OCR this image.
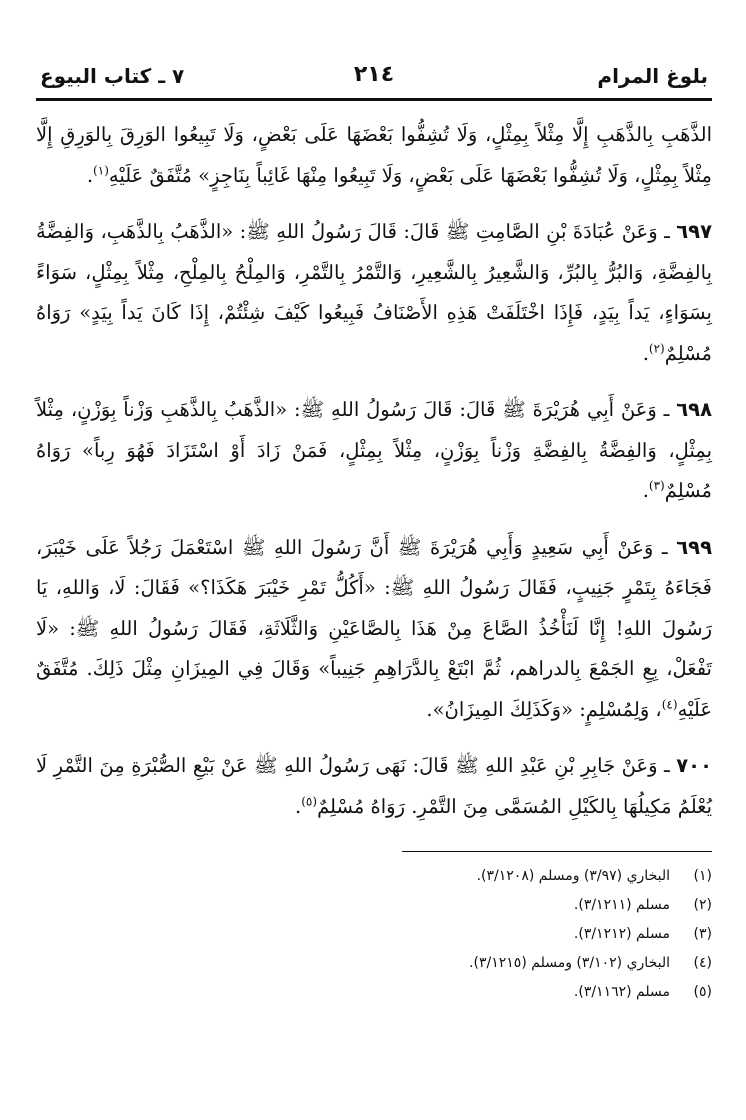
بلوغ المرام
٢١٤
٧ ـ كتاب البيوع

الذَّهَبِ بِالذَّهَبِ إِلَّا مِثْلاً بِمِثْلٍ، وَلَا تُشِفُّوا بَعْضَهَا عَلَى بَعْضٍ، وَلَا تَبِيعُوا الوَرِقَ بِالوَرِقِ إِلَّا مِثْلاً بِمِثْلٍ، وَلَا تُشِفُّوا بَعْضَهَا عَلَى بَعْضٍ، وَلَا تَبِيعُوا مِنْهَا غَائِباً بِنَاجِزٍ» مُتَّفَقٌ عَلَيْهِ$^{(١)}$.

٦٩٧ ـ وَعَنْ عُبَادَةَ بْنِ الصَّامِتِ ﷺ قَالَ: قَالَ رَسُولُ اللهِ ﷺ: «الذَّهَبُ بِالذَّهَبِ، وَالفِضَّةُ بِالفِضَّةِ، وَالبُرُّ بِالبُرِّ، وَالشَّعِيرُ بِالشَّعِيرِ، وَالتَّمْرُ بِالتَّمْرِ، وَالمِلْحُ بِالمِلْحِ، مِثْلاً بِمِثْلٍ، سَوَاءً بِسَوَاءٍ، يَداً بِيَدٍ، فَإِذَا اخْتَلَفَتْ هَذِهِ الأَصْنَافُ فَبِيعُوا كَيْفَ شِئْتُمْ، إِذَا كَانَ يَداً بِيَدٍ» رَوَاهُ مُسْلِمٌ$^{(٢)}$.

٦٩٨ ـ وَعَنْ أَبِي هُرَيْرَةَ ﷺ قَالَ: قَالَ رَسُولُ اللهِ ﷺ: «الذَّهَبُ بِالذَّهَبِ وَزْناً بِوَزْنٍ، مِثْلاً بِمِثْلٍ، وَالفِضَّةُ بِالفِضَّةِ وَزْناً بِوَزْنٍ، مِثْلاً بِمِثْلٍ، فَمَنْ زَادَ أَوْ اسْتَزَادَ فَهُوَ رِباً» رَوَاهُ مُسْلِمٌ$^{(٣)}$.

٦٩٩ ـ وَعَنْ أَبِي سَعِيدٍ وَأَبِي هُرَيْرَةَ ﷺ أَنَّ رَسُولَ اللهِ ﷺ اسْتَعْمَلَ رَجُلاً عَلَى خَيْبَرَ، فَجَاءَهُ بِتَمْرٍ جَنِيبٍ، فَقَالَ رَسُولُ اللهِ ﷺ: «أَكُلُّ تَمْرِ خَيْبَرَ هَكَذَا؟» فَقَالَ: لَا، وَاللهِ، يَا رَسُولَ اللهِ! إِنَّا لَنَأْخُذُ الصَّاعَ مِنْ هَذَا بِالصَّاعَيْنِ وَالثَّلَاثَةِ، فَقَالَ رَسُولُ اللهِ ﷺ: «لَا تَفْعَلْ، بِعِ الجَمْعَ بِالدراهم، ثُمَّ ابْتَعْ بِالدَّرَاهِمِ جَنِيباً» وَقَالَ فِي المِيزَانِ مِثْلَ ذَلِكَ. مُتَّفَقٌ عَلَيْهِ$^{(٤)}$، وَلِمُسْلِمٍ: «وَكَذَلِكَ المِيزَانُ».

٧٠٠ ـ وَعَنْ جَابِرِ بْنِ عَبْدِ اللهِ ﷺ قَالَ: نَهَى رَسُولُ اللهِ ﷺ عَنْ بَيْعِ الصُّبْرَةِ مِنَ التَّمْرِ لَا يُعْلَمُ مَكِيلُهَا بِالكَيْلِ المُسَمَّى مِنَ التَّمْرِ. رَوَاهُ مُسْلِمٌ$^{(٥)}$.

(١)
البخاري (٣/٩٧) ومسلم (٣/١٢٠٨).
(٢)
مسلم (٣/١٢١١).
(٣)
مسلم (٣/١٢١٢).
(٤)
البخاري (٣/١٠٢) ومسلم (٣/١٢١٥).
(٥)
مسلم (٣/١١٦٢).
